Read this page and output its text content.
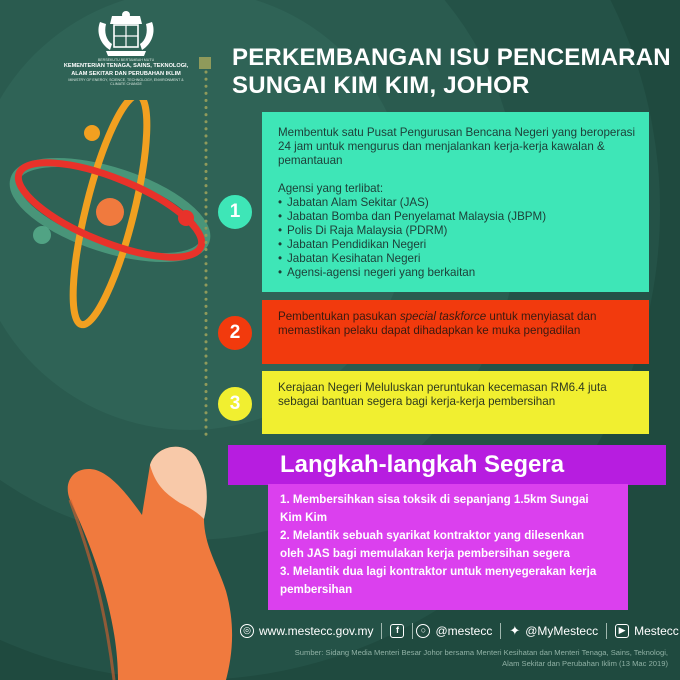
BERSEKUTU BERTAMBAH MUTU
KEMENTERIAN TENAGA, SAINS, TEKNOLOGI,
ALAM SEKITAR DAN PERUBAHAN IKLIM
MINISTRY OF ENERGY, SCIENCE, TECHNOLOGY, ENVIRONMENT & CLIMATE CHANGE
PERKEMBANGAN ISU PENCEMARAN
SUNGAI KIM KIM, JOHOR
Membentuk satu Pusat Pengurusan Bencana Negeri yang beroperasi 24 jam untuk mengurus dan menjalankan kerja-kerja kawalan & pemantauan
Agensi yang terlibat:
• Jabatan Alam Sekitar (JAS)
• Jabatan Bomba dan Penyelamat Malaysia (JBPM)
• Polis Di Raja Malaysia (PDRM)
• Jabatan Pendidikan Negeri
• Jabatan Kesihatan Negeri
• Agensi-agensi negeri yang berkaitan
1
Pembentukan pasukan special taskforce untuk menyiasat dan memastikan pelaku dapat dihadapkan ke muka pengadilan
2
Kerajaan Negeri Meluluskan peruntukan kecemasan RM6.4 juta sebagai bantuan segera bagi kerja-kerja pembersihan
3
Langkah-langkah Segera
1. Membersihkan sisa toksik di sepanjang 1.5km Sungai Kim Kim
2. Melantik sebuah syarikat kontraktor yang dilesenkan oleh JAS bagi memulakan kerja pembersihan segera
3. Melantik dua lagi kontraktor untuk menyegerakan kerja pembersihan
◎ www.mestecc.gov.my	f	○ @mestecc ✦ @MyMestecc	▶ Mestecc
Sumber: Sidang Media Menteri Besar Johor bersama Menteri Kesihatan dan Menteri Tenaga, Sains, Teknologi, Alam Sekitar dan Perubahan Iklim (13 Mac 2019)
